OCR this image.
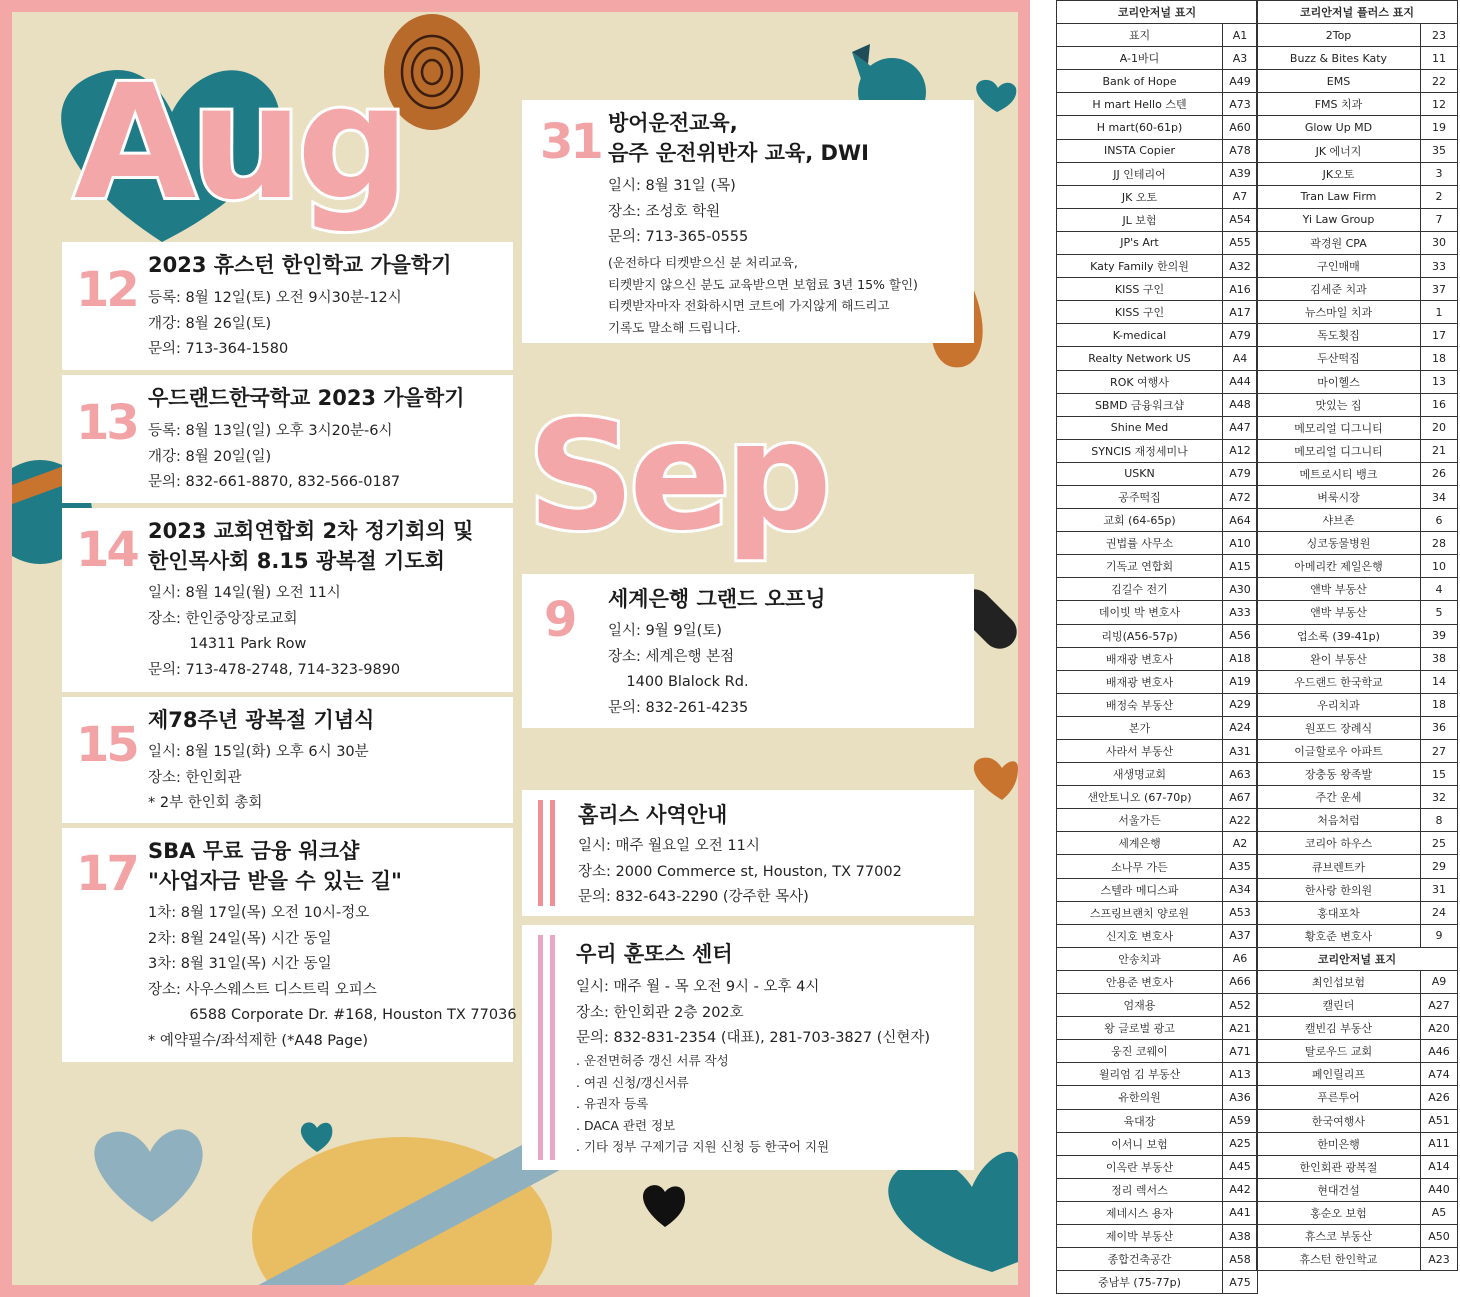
Aug
Sep
12 2023 휴스턴 한인학교 가을학기
등록: 8월 12일(토) 오전 9시30분-12시
개강: 8월 26일(토)
문의: 713-364-1580
13 우드랜드한국학교 2023 가을학기
등록: 8월 13일(일) 오후 3시20분-6시
개강: 8월 20일(일)
문의: 832-661-8870, 832-566-0187
14 2023 교회연합회 2차 정기회의 및
한인목사회 8.15 광복절 기도회
일시: 8월 14일(월) 오전 11시
장소: 한인중앙장로교회
14311 Park Row
문의: 713-478-2748, 714-323-9890
15 제78주년 광복절 기념식
일시: 8월 15일(화) 오후 6시 30분
장소: 한인회관
* 2부 한인회 총회
17 SBA 무료 금융 워크샵
"사업자금 받을 수 있는 길"
1차: 8월 17일(목) 오전 10시-정오
2차: 8월 24일(목) 시간 동일
3차: 8월 31일(목) 시간 동일
장소: 사우스웨스트 디스트릭 오피스
6588 Corporate Dr. #168, Houston TX 77036
* 예약필수/좌석제한 (*A48 Page)
31 방어운전교육,
음주 운전위반자 교육, DWI
일시: 8월 31일 (목)
장소: 조성호 학원
문의: 713-365-0555
(운전하다 티켓받으신 분 처리교육,
티켓받지 않으신 분도 교육받으면 보험료 3년 15% 할인)
티켓받자마자 전화하시면 코트에 가지않게 해드리고
기록도 말소해 드립니다.
9 세계은행 그랜드 오프닝
일시: 9월 9일(토)
장소: 세계은행 본점
1400 Blalock Rd.
문의: 832-261-4235
홈리스 사역안내
일시: 매주 월요일 오전 11시
장소: 2000 Commerce st, Houston, TX 77002
문의: 832-643-2290 (강주한 목사)
우리 훈또스 센터
일시: 매주 월 - 목 오전 9시 - 오후 4시
장소: 한인회관 2층 202호
문의: 832-831-2354 (대표), 281-703-3827 (신현자)
. 운전면허증 갱신 서류 작성
. 여권 신청/갱신서류
. 유권자 등록
. DACA 관련 정보
. 기타 정부 구제기금 지원 신청 등 한국어 지원
코리안저널 표지	
표지	A1
A-1바디	A3
Bank of Hope	A49
H mart Hello 스텐	A73
H mart(60-61p)	A60
INSTA Copier	A78
JJ 인테리어	A39
JK 오토	A7
JL 보험	A54
JP's Art	A55
Katy Family 한의원	A32
KISS 구인	A16
KISS 구인	A17
K-medical	A79
Realty Network US	A4
ROK 여행사	A44
SBMD 금융워크샵	A48
Shine Med	A47
SYNCIS 재정세미나	A12
USKN	A79
공주떡집	A72
교회 (64-65p)	A64
권법률 사무소	A10
기독교 연합회	A15
김길수 전기	A30
데이빗 박 변호사	A33
리빙(A56-57p)	A56
배재광 변호사	A18
배재광 변호사	A19
배정숙 부동산	A29
본가	A24
사라서 부동산	A31
새생명교회	A63
샌안토니오 (67-70p)	A67
서울가든	A22
세계은행	A2
소나무 가든	A35
스텔라 메디스파	A34
스프링브랜치 양로원	A53
신지호 변호사	A37
안송치과	A6
안용준 변호사	A66
엄재용	A52
왕 글로벌 광고	A21
웅진 코웨이	A71
윌리엄 김 부동산	A13
유한의원	A36
육대장	A59
이서니 보험	A25
이옥란 부동산	A45
정리 렉서스	A42
제네시스 용자	A41
제이박 부동산	A38
종합건축공간	A58
중남부 (75-77p)	A75
코리안저널 플러스 표지	
2Top	23
Buzz & Bites Katy	11
EMS	22
FMS 치과	12
Glow Up MD	19
JK 에너지	35
JK오토	3
Tran Law Firm	2
Yi Law Group	7
곽경원 CPA	30
구인매매	33
김세준 치과	37
뉴스마일 치과	1
독도횟집	17
두산떡집	18
마이헬스	13
맛있는 집	16
메모리얼 디그니티	20
메모리얼 디그니티	21
메트로시티 뱅크	26
벼룩시장	34
샤브존	6
싱코동물병원	28
아메리칸 제일은행	10
앤박 부동산	4
앤박 부동산	5
업소록 (39-41p)	39
완이 부동산	38
우드랜드 한국학교	14
우리치과	18
원포드 장례식	36
이글할로우 아파트	27
장충동 왕족발	15
주간 운세	32
처음처럼	8
코리아 하우스	25
큐브렌트카	29
한사랑 한의원	31
홍대포차	24
황호준 변호사	9
코리안저널 표지	
최인섭보험	A9
캘린더	A27
캘빈김 부동산	A20
탈로우드 교회	A46
페인릴리프	A74
푸른투어	A26
한국여행사	A51
한미은행	A11
한인회관 광복절	A14
현대건설	A40
홍순오 보험	A5
휴스코 부동산	A50
휴스턴 한인학교	A23
